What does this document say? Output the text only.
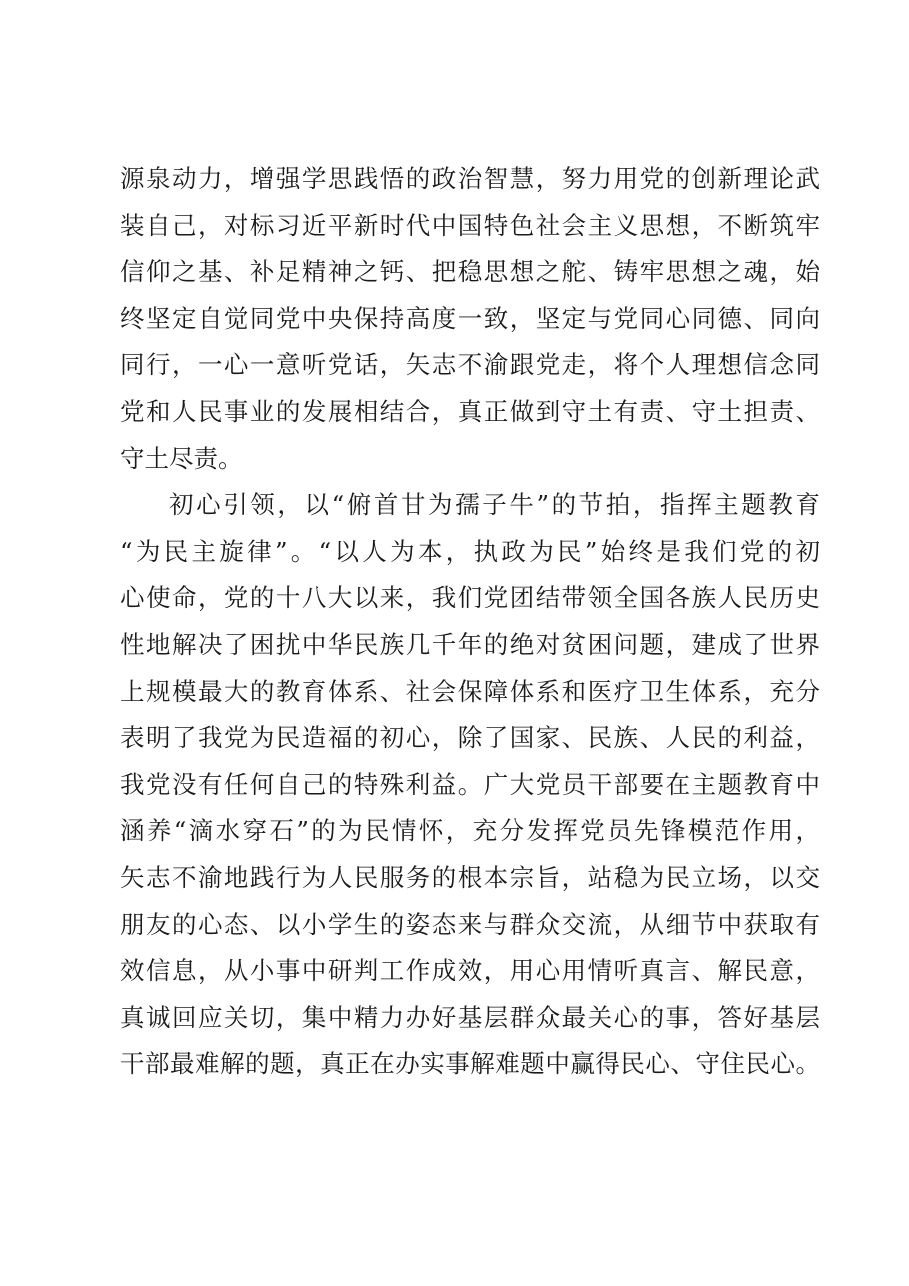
源泉动力，增强学思践悟的政治智慧，努力用党的创新理论武
装自己，对标习近平新时代中国特色社会主义思想，不断筑牢
信仰之基、补足精神之钙、把稳思想之舵、铸牢思想之魂，始
终坚定自觉同党中央保持高度一致，坚定与党同心同德、同向
同行，一心一意听党话，矢志不渝跟党走，将个人理想信念同
党和人民事业的发展相结合，真正做到守土有责、守土担责、
守土尽责。
初心引领，以“俯首甘为孺子牛”的节拍，指挥主题教育
“为民主旋律”。“以人为本，执政为民”始终是我们党的初
心使命，党的十八大以来，我们党团结带领全国各族人民历史
性地解决了困扰中华民族几千年的绝对贫困问题，建成了世界
上规模最大的教育体系、社会保障体系和医疗卫生体系，充分
表明了我党为民造福的初心，除了国家、民族、人民的利益，
我党没有任何自己的特殊利益。广大党员干部要在主题教育中
涵养“滴水穿石”的为民情怀，充分发挥党员先锋模范作用，
矢志不渝地践行为人民服务的根本宗旨，站稳为民立场，以交
朋友的心态、以小学生的姿态来与群众交流，从细节中获取有
效信息，从小事中研判工作成效，用心用情听真言、解民意，
真诚回应关切，集中精力办好基层群众最关心的事，答好基层
干部最难解的题，真正在办实事解难题中赢得民心、守住民心。
